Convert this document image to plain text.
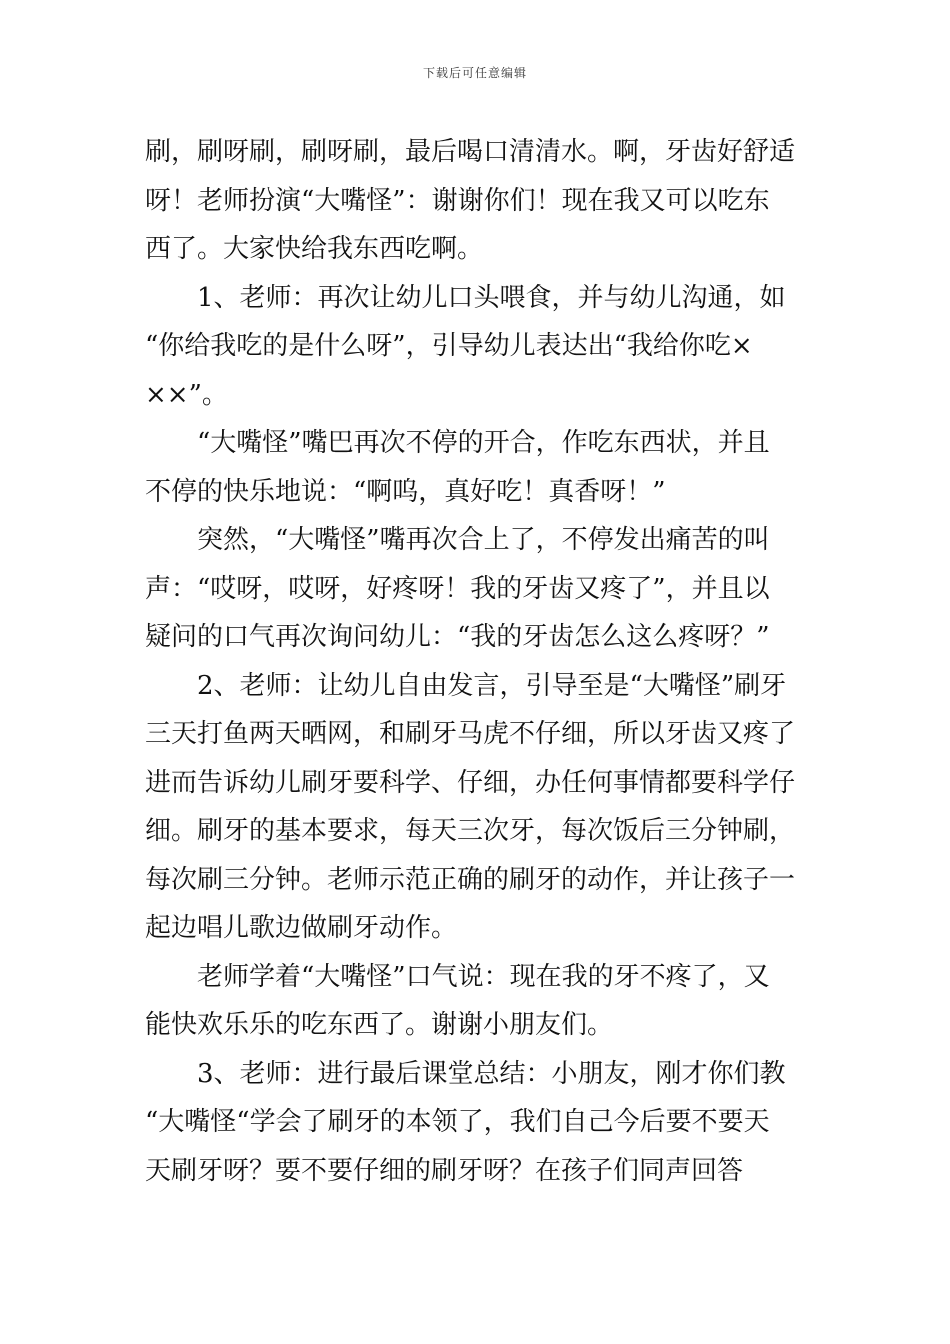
下载后可任意编辑
刷，刷呀刷，刷呀刷，最后喝口清清水。啊，牙齿好舒适
呀！老师扮演“大嘴怪”：谢谢你们！现在我又可以吃东
西了。大家快给我东西吃啊。
1、老师：再次让幼儿口头喂食，并与幼儿沟通，如
“你给我吃的是什么呀”，引导幼儿表达出“我给你吃×
××”。
“大嘴怪”嘴巴再次不停的开合，作吃东西状，并且
不停的快乐地说：“啊呜，真好吃！真香呀！”
突然，“大嘴怪”嘴再次合上了，不停发出痛苦的叫
声：“哎呀，哎呀，好疼呀！我的牙齿又疼了”，并且以
疑问的口气再次询问幼儿：“我的牙齿怎么这么疼呀？”
2、老师：让幼儿自由发言，引导至是“大嘴怪”刷牙
三天打鱼两天晒网，和刷牙马虎不仔细，所以牙齿又疼了
进而告诉幼儿刷牙要科学、仔细，办任何事情都要科学仔
细。刷牙的基本要求，每天三次牙，每次饭后三分钟刷，
每次刷三分钟。老师示范正确的刷牙的动作，并让孩子一
起边唱儿歌边做刷牙动作。
老师学着“大嘴怪”口气说：现在我的牙不疼了，又
能快欢乐乐的吃东西了。谢谢小朋友们。
3、老师：进行最后课堂总结：小朋友，刚才你们教
“大嘴怪“学会了刷牙的本领了，我们自己今后要不要天
天刷牙呀？要不要仔细的刷牙呀？在孩子们同声回答
